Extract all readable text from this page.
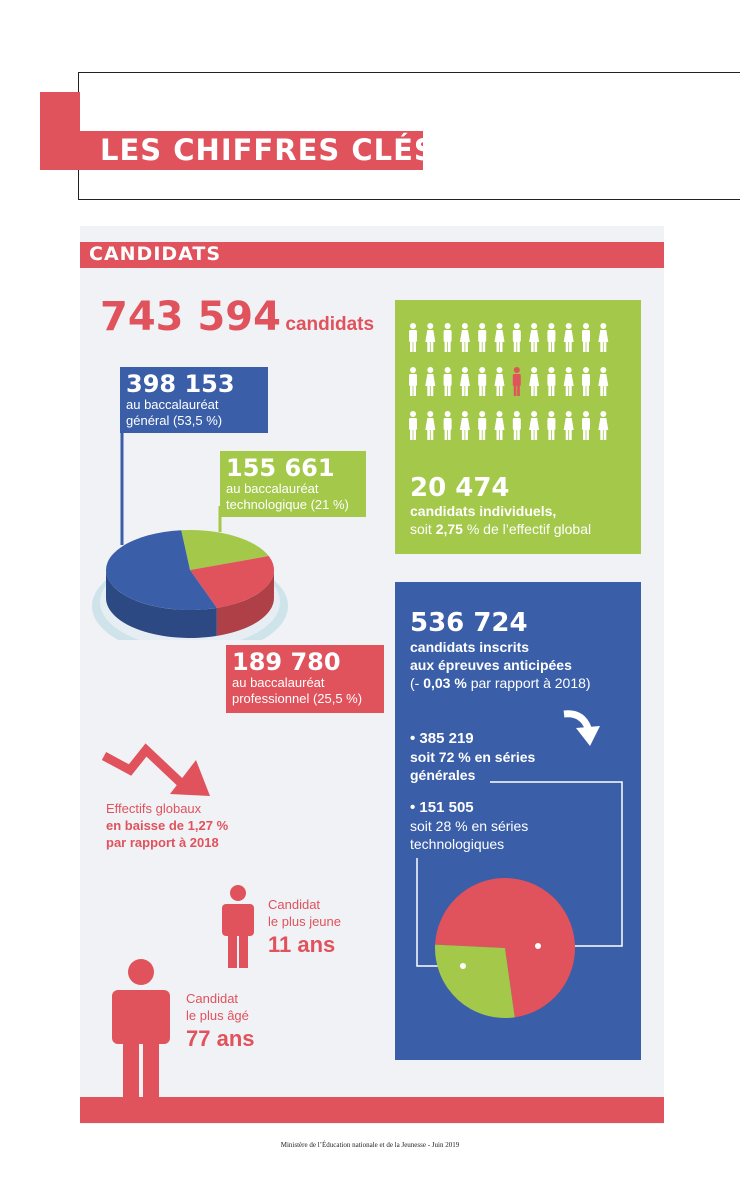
LES CHIFFRES CLÉS
CANDIDATS
743 594 candidats
398 153
au baccalauréat
général (53,5 %)
155 661
au baccalauréat
technologique (21 %)
189 780
au baccalauréat
professionnel (25,5 %)
20 474
candidats individuels,
soit 2,75 % de l’effectif global
536 724
candidats inscrits
aux épreuves anticipées
(- 0,03 % par rapport à 2018)
• 385 219
soit 72 % en séries
générales
• 151 505
soit 28 % en séries
technologiques
Effectifs globaux
en baisse de 1,27 %
par rapport à 2018
Candidat
le plus jeune
11 ans
Candidat
le plus âgé
77 ans
Ministère de l’Éducation nationale et de la Jeunesse - Juin 2019
